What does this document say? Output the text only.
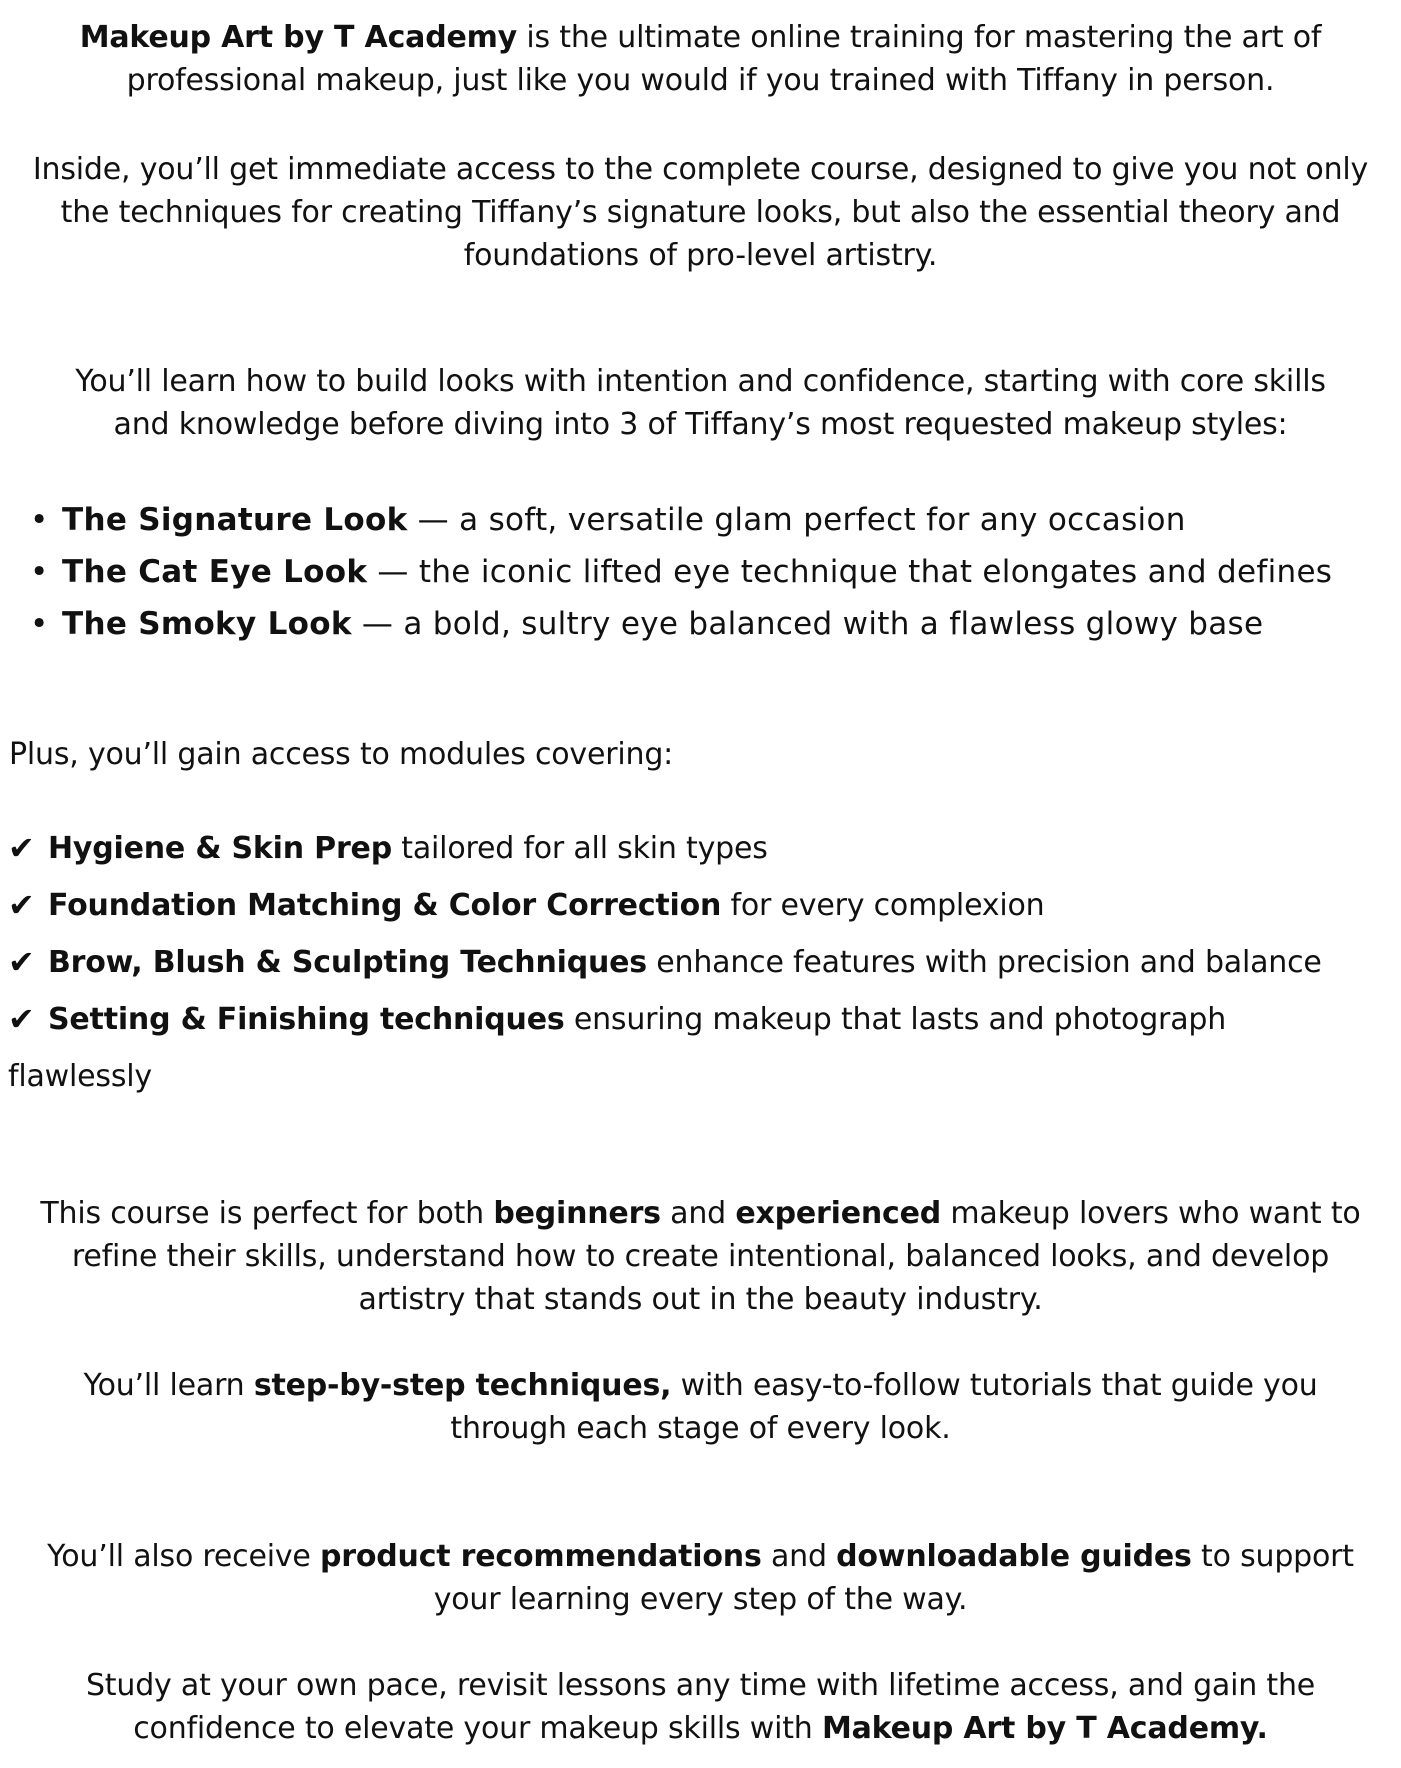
Makeup Art by T Academy is the ultimate online training for mastering the art of
professional makeup, just like you would if you trained with Tiffany in person.

Inside, you’ll get immediate access to the complete course, designed to give you not only
the techniques for creating Tiffany’s signature looks, but also the essential theory and
foundations of pro-level artistry.

You’ll learn how to build looks with intention and confidence, starting with core skills
and knowledge before diving into 3 of Tiffany’s most requested makeup styles:

• The Signature Look — a soft, versatile glam perfect for any occasion
• The Cat Eye Look — the iconic lifted eye technique that elongates and defines
• The Smoky Look — a bold, sultry eye balanced with a flawless glowy base

Plus, you’ll gain access to modules covering:

✔ Hygiene & Skin Prep tailored for all skin types
✔ Foundation Matching & Color Correction for every complexion
✔ Brow, Blush & Sculpting Techniques enhance features with precision and balance
✔ Setting & Finishing techniques ensuring makeup that lasts and photograph
flawlessly

This course is perfect for both beginners and experienced makeup lovers who want to
refine their skills, understand how to create intentional, balanced looks, and develop
artistry that stands out in the beauty industry.

You’ll learn step-by-step techniques, with easy-to-follow tutorials that guide you
through each stage of every look.

You’ll also receive product recommendations and downloadable guides to support
your learning every step of the way.

Study at your own pace, revisit lessons any time with lifetime access, and gain the
confidence to elevate your makeup skills with Makeup Art by T Academy.
